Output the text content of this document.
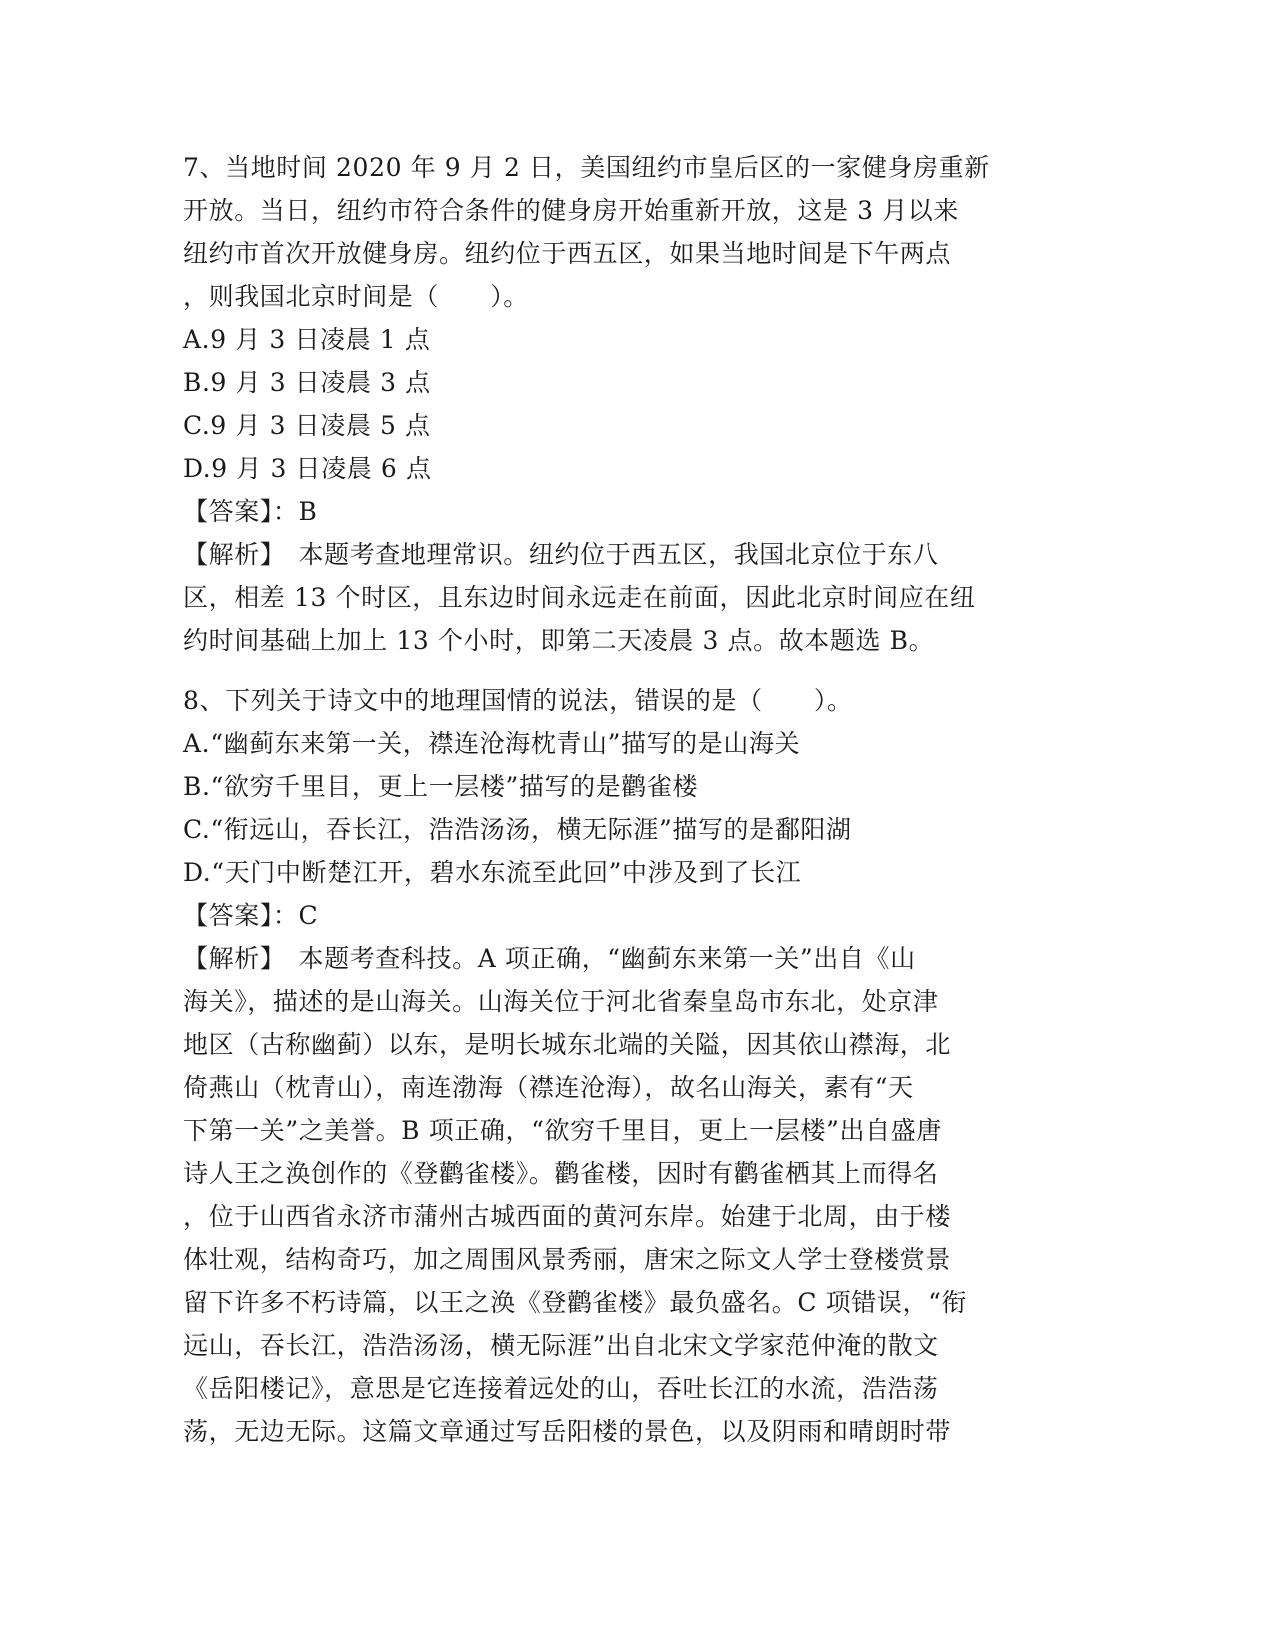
7、当地时间 2020 年 9 月 2 日，美国纽约市皇后区的一家健身房重新
开放。当日，纽约市符合条件的健身房开始重新开放，这是 3 月以来
纽约市首次开放健身房。纽约位于西五区，如果当地时间是下午两点
，则我国北京时间是（　　）。
A.9 月 3 日凌晨 1 点
B.9 月 3 日凌晨 3 点
C.9 月 3 日凌晨 5 点
D.9 月 3 日凌晨 6 点
【答案】：B
【解析】　本题考查地理常识。纽约位于西五区，我国北京位于东八
区，相差 13 个时区，且东边时间永远走在前面，因此北京时间应在纽
约时间基础上加上 13 个小时，即第二天凌晨 3 点。故本题选 B。
8、下列关于诗文中的地理国情的说法，错误的是（　　）。
A.“幽蓟东来第一关，襟连沧海枕青山”描写的是山海关
B.“欲穷千里目，更上一层楼”描写的是鹳雀楼
C.“衔远山，吞长江，浩浩汤汤，横无际涯”描写的是鄱阳湖
D.“天门中断楚江开，碧水东流至此回”中涉及到了长江
【答案】：C
【解析】　本题考查科技。A 项正确，“幽蓟东来第一关”出自《山
海关》，描述的是山海关。山海关位于河北省秦皇岛市东北，处京津
地区（古称幽蓟）以东，是明长城东北端的关隘，因其依山襟海，北
倚燕山（枕青山），南连渤海（襟连沧海），故名山海关，素有“天
下第一关”之美誉。B 项正确，“欲穷千里目，更上一层楼”出自盛唐
诗人王之涣创作的《登鹳雀楼》。鹳雀楼，因时有鹳雀栖其上而得名
，位于山西省永济市蒲州古城西面的黄河东岸。始建于北周，由于楼
体壮观，结构奇巧，加之周围风景秀丽，唐宋之际文人学士登楼赏景
留下许多不朽诗篇，以王之涣《登鹳雀楼》最负盛名。C 项错误，“衔
远山，吞长江，浩浩汤汤，横无际涯”出自北宋文学家范仲淹的散文
《岳阳楼记》，意思是它连接着远处的山，吞吐长江的水流，浩浩荡
荡，无边无际。这篇文章通过写岳阳楼的景色，以及阴雨和晴朗时带
